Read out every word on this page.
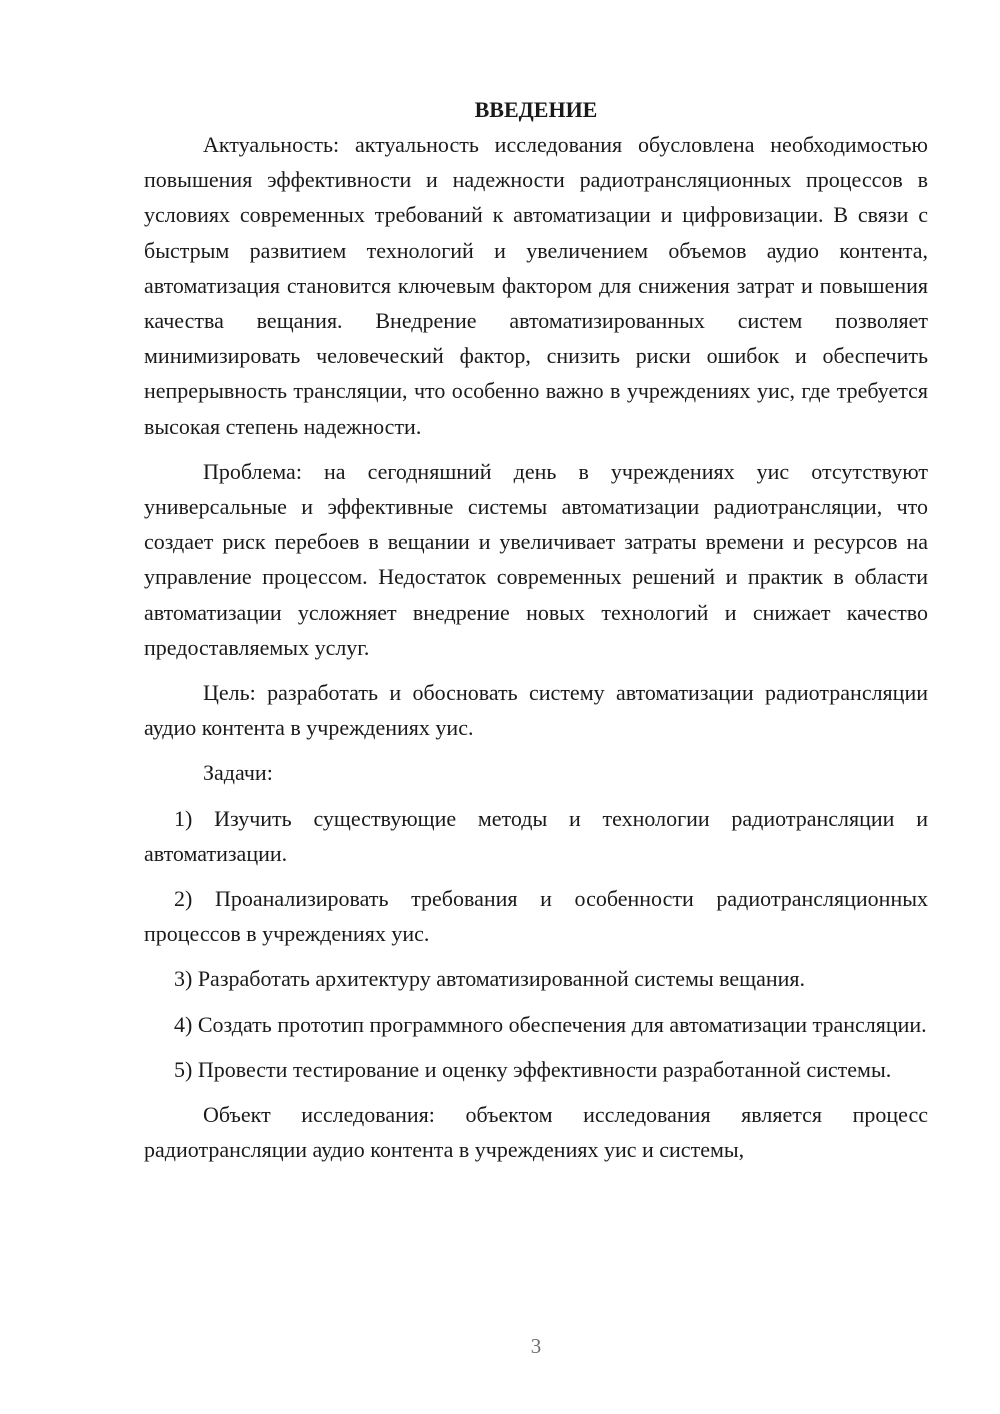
ВВЕДЕНИЕ

Актуальность: актуальность исследования обусловлена необходимостью повышения эффективности и надежности радиотрансляционных процессов в условиях современных требований к автоматизации и цифровизации. В связи с быстрым развитием технологий и увеличением объемов аудио контента, автоматизация становится ключевым фактором для снижения затрат и повышения качества вещания. Внедрение автоматизированных систем позволяет минимизировать человеческий фактор, снизить риски ошибок и обеспечить непрерывность трансляции, что особенно важно в учреждениях уис, где требуется высокая степень надежности.

Проблема: на сегодняшний день в учреждениях уис отсутствуют универсальные и эффективные системы автоматизации радиотрансляции, что создает риск перебоев в вещании и увеличивает затраты времени и ресурсов на управление процессом. Недостаток современных решений и практик в области автоматизации усложняет внедрение новых технологий и снижает качество предоставляемых услуг.

Цель: разработать и обосновать систему автоматизации радиотрансляции аудио контента в учреждениях уис.

Задачи:

1) Изучить существующие методы и технологии радиотрансляции и автоматизации.

2) Проанализировать требования и особенности радиотрансляционных процессов в учреждениях уис.

3) Разработать архитектуру автоматизированной системы вещания.

4) Создать прототип программного обеспечения для автоматизации трансляции.

5) Провести тестирование и оценку эффективности разработанной системы.

Объект исследования: объектом исследования является процесс радиотрансляции аудио контента в учреждениях уис и системы,

3
